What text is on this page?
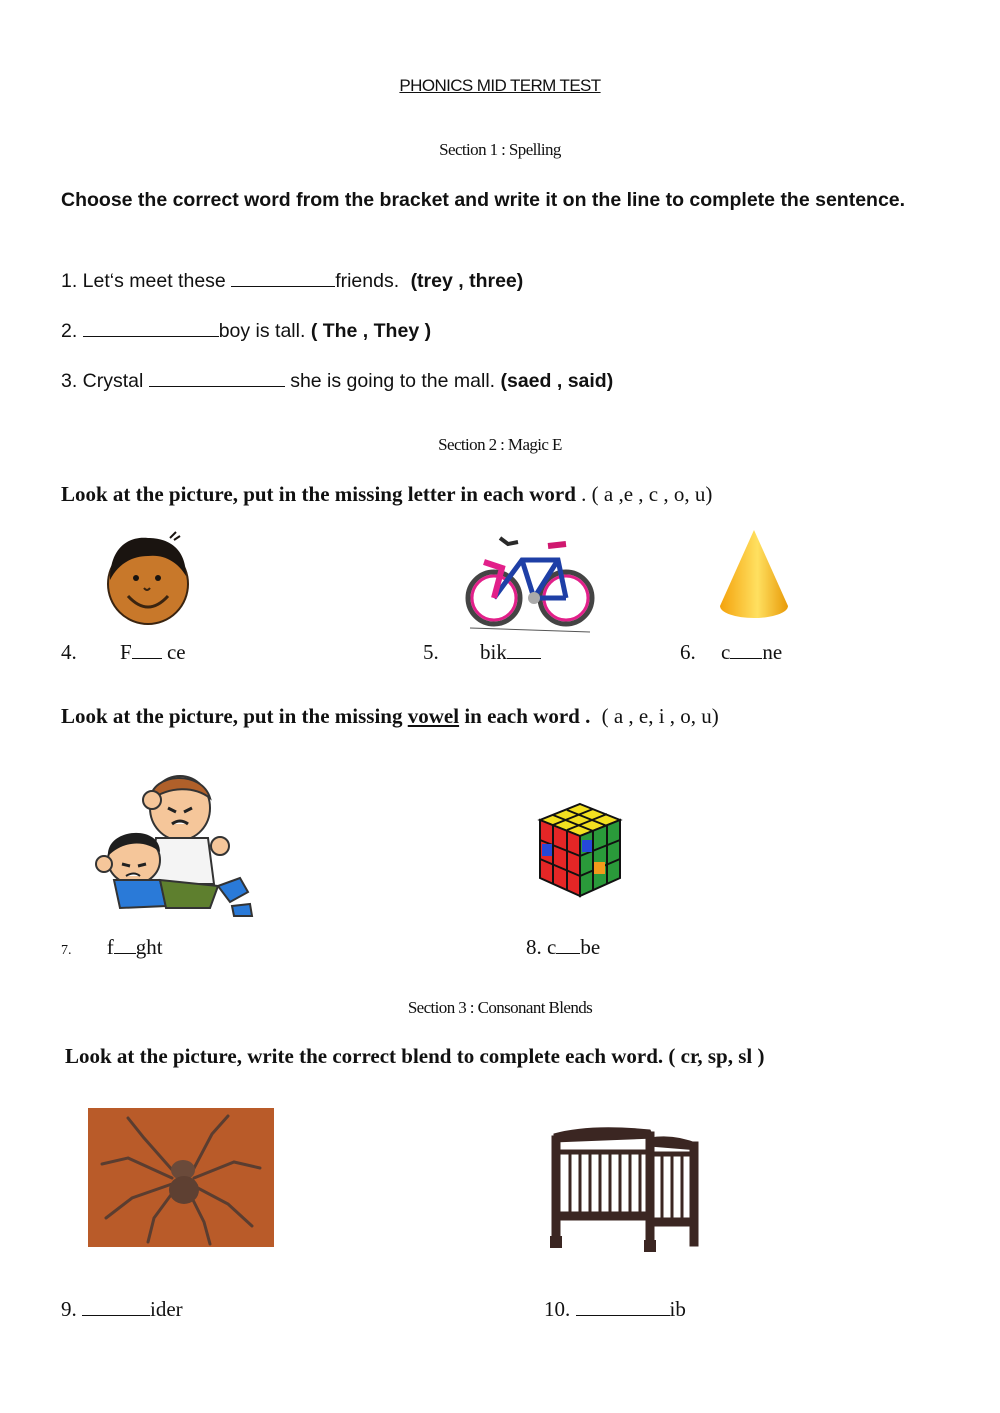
PHONICS MID TERM TEST
Section 1 : Spelling
Choose the correct word from the bracket and write it on the line to complete the sentence.
1. Let‘s meet these	friends. (trey , three)
2.	boy is tall. ( The , They )
3. Crystal	she is going to the mall. (saed , said)
Section 2 : Magic E
Look at the picture, put in the missing letter in each word . ( a ,e , c , o, u)
4. F ce	5. bik	6. c ne
Look at the picture, put in the missing vowel in each word . ( a , e, i , o, u)
7. f ght	8. c be
Section 3 : Consonant Blends
Look at the picture, write the correct blend to complete each word. ( cr, sp, sl )
9.	ider	10.	ib
